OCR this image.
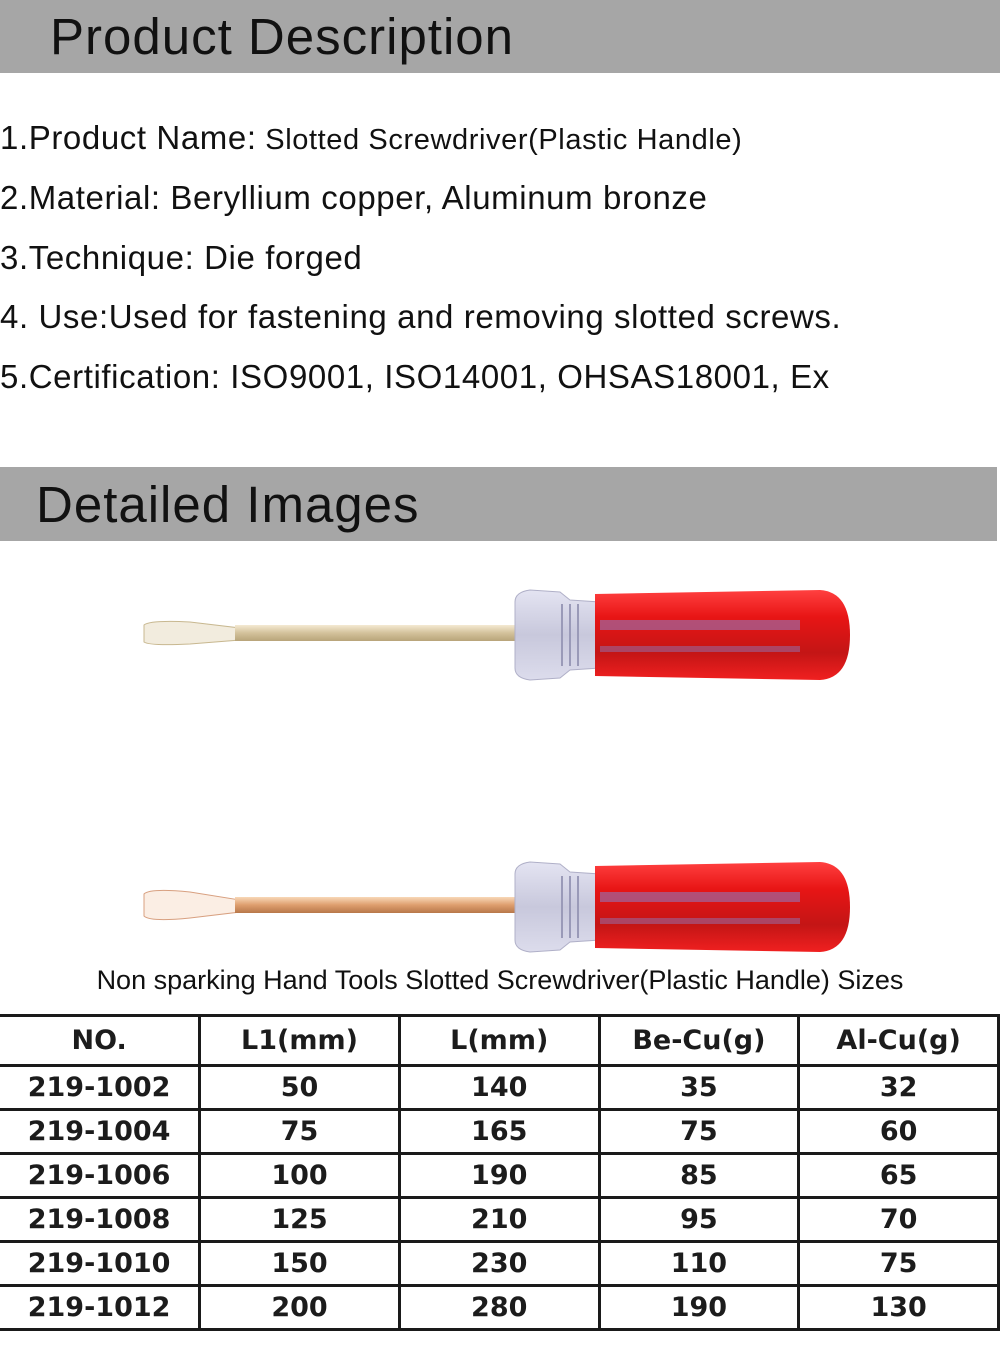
Product Description
1.Product Name: Slotted Screwdriver(Plastic Handle)
2.Material: Beryllium copper, Aluminum bronze
3.Technique: Die forged
4. Use:Used for fastening and removing slotted screws.
5.Certification: ISO9001, ISO14001, OHSAS18001, Ex
Detailed Images
Non sparking Hand Tools Slotted Screwdriver(Plastic Handle) Sizes
NO.	L1(mm)	L(mm)	Be-Cu(g)	Al-Cu(g)
219-1002	50	140	35	32
219-1004	75	165	75	60
219-1006	100	190	85	65
219-1008	125	210	95	70
219-1010	150	230	110	75
219-1012	200	280	190	130
